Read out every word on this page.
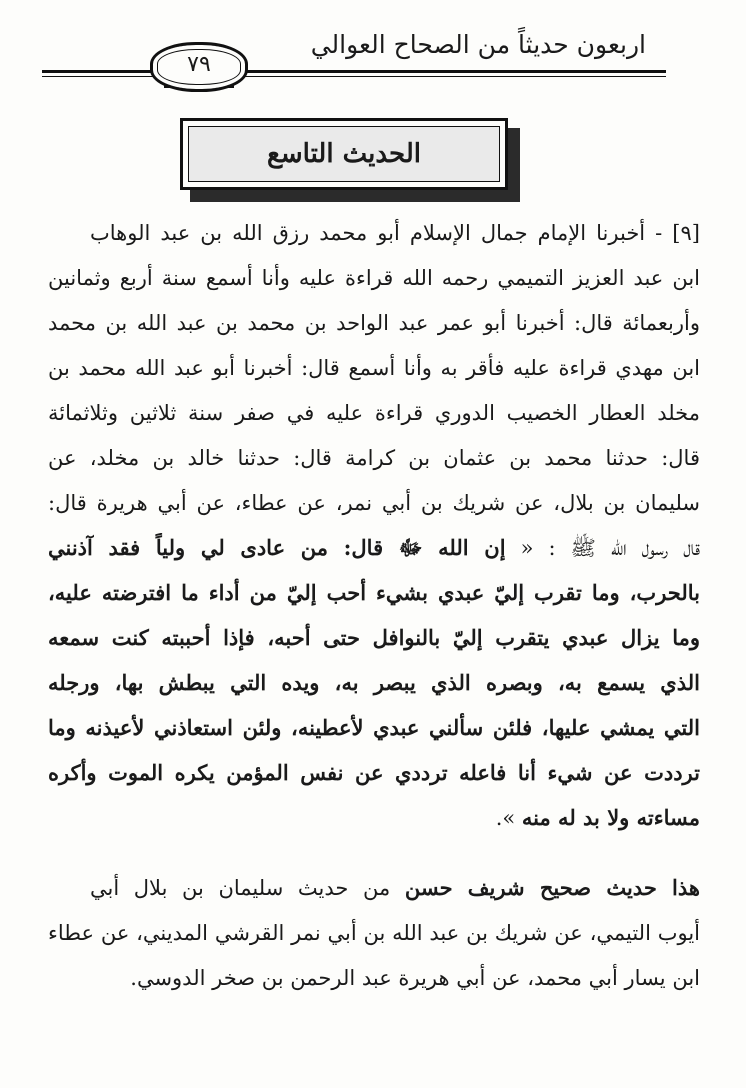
اربعون حديثاً من الصحاح العوالي
٧٩
الحديث التاسع
[٩] - أخبرنا الإمام جمال الإسلام أبو محمد رزق الله بن عبد الوهاب
ابن عبد العزيز التميمي رحمه الله قراءة عليه وأنا أسمع سنة أربع وثمانين
وأربعمائة قال: أخبرنا أبو عمر عبد الواحد بن محمد بن عبد الله بن محمد
ابن مهدي قراءة عليه فأقر به وأنا أسمع قال: أخبرنا أبو عبد الله محمد بن
مخلد العطار الخصيب الدوري قراءة عليه في صفر سنة ثلاثين وثلاثمائة
قال: حدثنا محمد بن عثمان بن كرامة قال: حدثنا خالد بن مخلد، عن
سليمان بن بلال، عن شريك بن أبي نمر، عن عطاء، عن أبي هريرة قال:
قال رسول الله ﷺ : « إن الله ﷻ قال: من عادى لي ولياً فقد آذنني
بالحرب، وما تقرب إليّ عبدي بشيء أحب إليّ من أداء ما افترضته عليه،
وما يزال عبدي يتقرب إليّ بالنوافل حتى أحبه، فإذا أحببته كنت سمعه
الذي يسمع به، وبصره الذي يبصر به، ويده التي يبطش بها، ورجله
التي يمشي عليها، فلئن سألني عبدي لأعطينه، ولئن استعاذني لأعيذنه وما
ترددت عن شيء أنا فاعله ترددي عن نفس المؤمن يكره الموت وأكره
مساءته ولا بد له منه ».
هذا حديث صحيح شريف حسن من حديث سليمان بن بلال أبي
أيوب التيمي، عن شريك بن عبد الله بن أبي نمر القرشي المديني، عن عطاء
ابن يسار أبي محمد، عن أبي هريرة عبد الرحمن بن صخر الدوسي.
